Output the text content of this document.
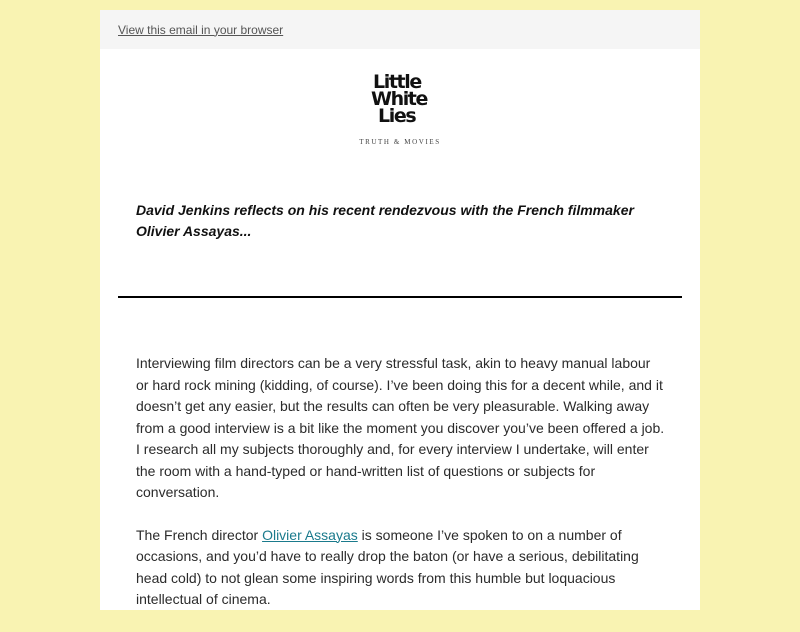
View this email in your browser
Little
White
Lies
TRUTH & MOVIES

David Jenkins reflects on his recent rendezvous with the French filmmaker Olivier Assayas...

Interviewing film directors can be a very stressful task, akin to heavy manual labour or hard rock mining (kidding, of course). I’ve been doing this for a decent while, and it doesn’t get any easier, but the results can often be very pleasurable. Walking away from a good interview is a bit like the moment you discover you’ve been offered a job. I research all my subjects thoroughly and, for every interview I undertake, will enter the room with a hand-typed or hand-written list of questions or subjects for conversation.

The French director Olivier Assayas is someone I’ve spoken to on a number of occasions, and you’d have to really drop the baton (or have a serious, debilitating head cold) to not glean some inspiring words from this humble but loquacious intellectual of cinema.
